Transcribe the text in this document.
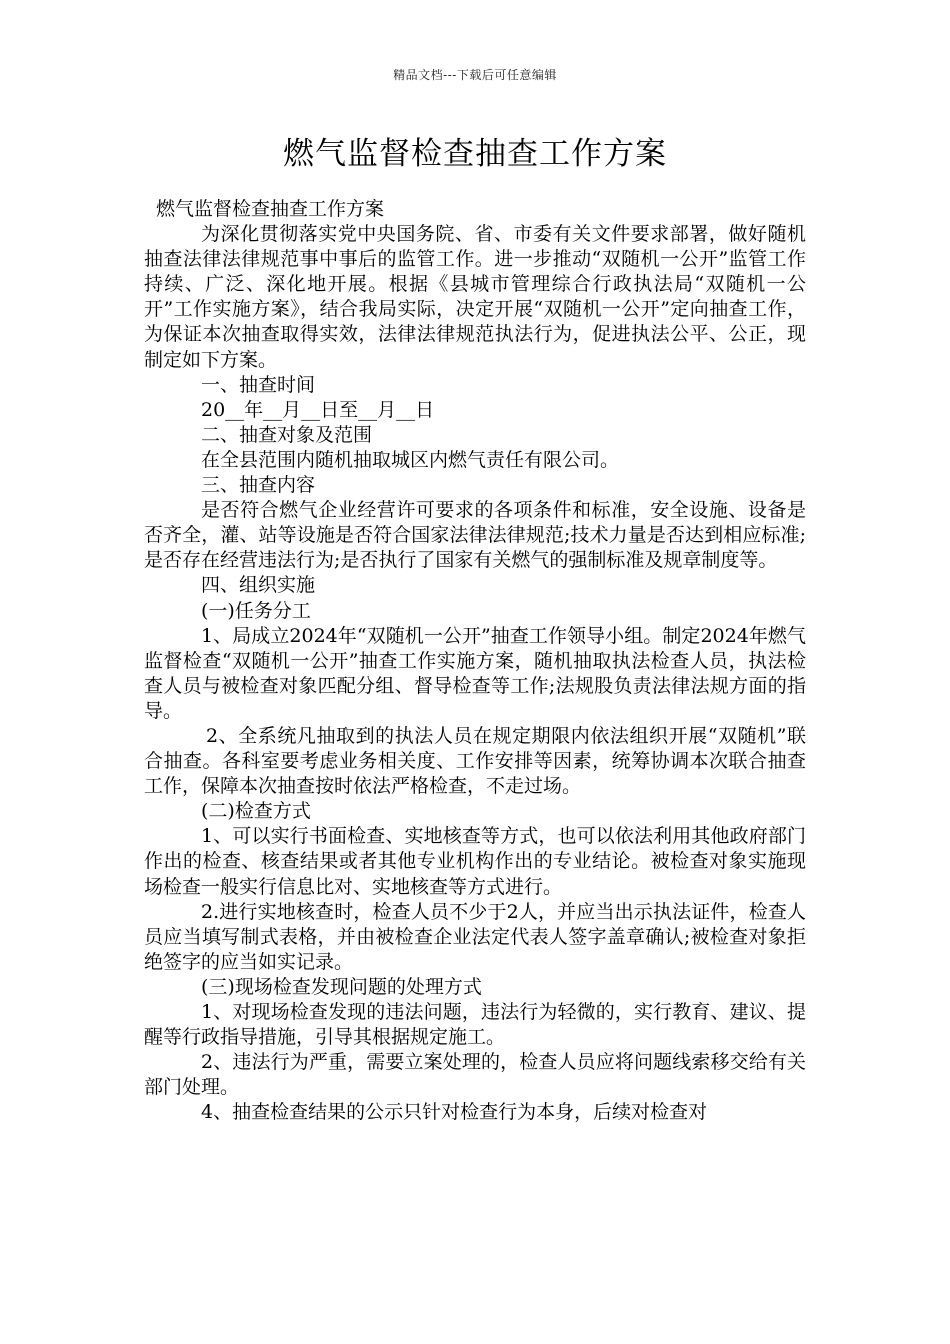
精品文档---下载后可任意编辑
燃气监督检查抽查工作方案

燃气监督检查抽查工作方案

为深化贯彻落实党中央国务院、省、市委有关文件要求部署，做好随机抽查法律法律规范事中事后的监管工作。进一步推动“双随机一公开”监管工作持续、广泛、深化地开展。根据《县城市管理综合行政执法局“双随机一公开”工作实施方案》，结合我局实际，决定开展“双随机一公开”定向抽查工作，为保证本次抽查取得实效，法律法律规范执法行为，促进执法公平、公正，现制定如下方案。

一、抽查时间

20__年__月__日至__月__日

二、抽查对象及范围

在全县范围内随机抽取城区内燃气责任有限公司。

三、抽查内容

是否符合燃气企业经营许可要求的各项条件和标准，安全设施、设备是否齐全，灌、站等设施是否符合国家法律法律规范;技术力量是否达到相应标准;是否存在经营违法行为;是否执行了国家有关燃气的强制标准及规章制度等。

四、组织实施

(一)任务分工

1、局成立2024年“双随机一公开”抽查工作领导小组。制定2024年燃气监督检查“双随机一公开”抽查工作实施方案，随机抽取执法检查人员，执法检查人员与被检查对象匹配分组、督导检查等工作;法规股负责法律法规方面的指导。

2、全系统凡抽取到的执法人员在规定期限内依法组织开展“双随机”联合抽查。各科室要考虑业务相关度、工作安排等因素，统筹协调本次联合抽查工作，保障本次抽查按时依法严格检查，不走过场。

(二)检查方式

1、可以实行书面检查、实地核查等方式，也可以依法利用其他政府部门作出的检查、核查结果或者其他专业机构作出的专业结论。被检查对象实施现场检查一般实行信息比对、实地核查等方式进行。

2.进行实地核查时，检查人员不少于2人，并应当出示执法证件，检查人员应当填写制式表格，并由被检查企业法定代表人签字盖章确认;被检查对象拒绝签字的应当如实记录。

(三)现场检查发现问题的处理方式

1、对现场检查发现的违法问题，违法行为轻微的，实行教育、建议、提醒等行政指导措施，引导其根据规定施工。

2、违法行为严重，需要立案处理的，检查人员应将问题线索移交给有关部门处理。

4、抽查检查结果的公示只针对检查行为本身，后续对检查对
